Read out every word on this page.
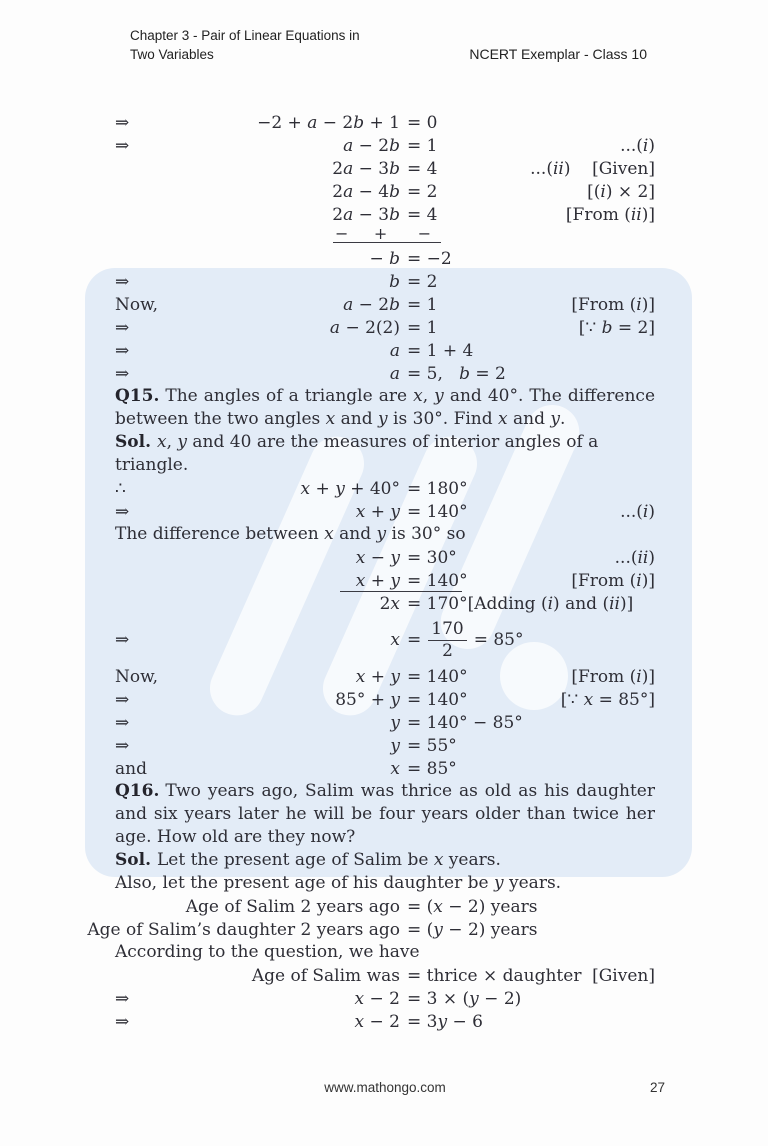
Chapter 3 - Pair of Linear Equations in
Two Variables	NCERT Exemplar - Class 10
⇒	−2 + a − 2 b + 1 = 0
⇒	a − 2 b = 1	...(i)
2 a − 3 b = 4	...(ii)    [Given]
2 a − 4 b = 2	[(i) × 2]
2 a − 3 b = 4	[From (ii)]
−     +      −
− b = −2
⇒	b = 2
Now,	a − 2 b = 1	[From (i)]
⇒	a − 2(2) = 1	[∵ b = 2]
⇒	a = 1 + 4
⇒	a = 5,   b = 2

Q15. The angles of a triangle are x, y and 40°. The difference between the two angles x and y is 30°. Find x and y.

Sol. x, y and 40 are the measures of interior angles of a triangle.

∴	x + y + 40° = 180°
⇒	x + y = 140°	...(i)

The difference between x and y is 30° so

x − y = 30°	...(ii)
x + y = 140°	[From (i)]
2 x = 170° [Adding (i) and (ii)]
⇒	$x = \frac{170}{2} = 85^\circ$
Now,	x + y = 140°	[From (i)]
⇒	85° + y = 140°	[∵ x = 85°]
⇒	y = 140° − 85°
⇒	y = 55°
and	x = 85°

Q16. Two years ago, Salim was thrice as old as his daughter and six years later he will be four years older than twice her age. How old are they now?

Sol. Let the present age of Salim be x years.

Also, let the present age of his daughter be y years.

Age of Salim 2 years ago = (x − 2) years
Age of Salim’s daughter 2 years ago = (y − 2) years

According to the question, we have

Age of Salim was = thrice × daughter [Given]
⇒	x − 2 = 3 × (y − 2)
⇒	x − 2 = 3y − 6
www.mathongo.com	27
